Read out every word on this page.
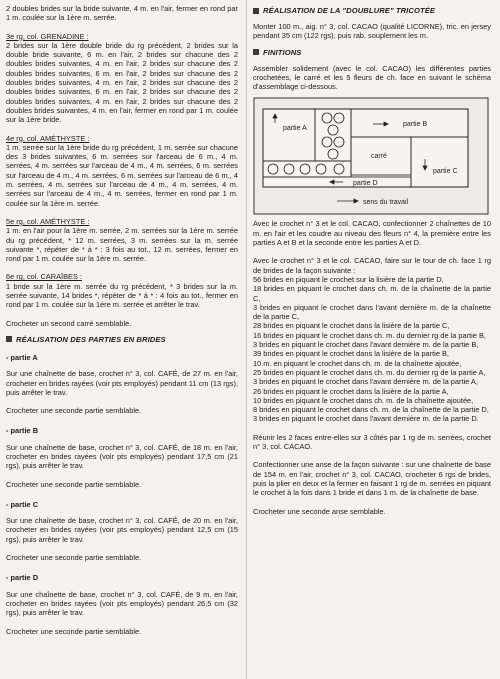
2 doubles brides sur la bride suivante, 4 m. en l'air, fermer en rond par 1 m. coulée sur la 1ère m. serrée.

3e rg, col. GRENADINE :

2 brides sur la 1ère double bride du rg précédent, 2 brides sur la double bride suivante, 6 m. en l'air, 2 brides sur chacune des 2 doubles brides suivantes, 4 m. en l'air, 2 brides sur chacune des 2 doubles brides suivantes, 6 m. en l'air, 2 brides sur chacune des 2 doubles brides suivantes, 4 m. en l'air, 2 brides sur chacune des 2 doubles brides suivantes, 6 m. en l'air, 2 brides sur chacune des 2 doubles brides suivantes, 4 m. en l'air, 2 brides sur chacune des 2 doubles brides suivantes, 4 m. en l'air, fermer en rond par 1 m. coulée sur la 1ère bride.

4e rg, col. AMÉTHYSTE :

1 m. serrée sur la 1ère bride du rg précédent, 1 m. serrée sur chacune des 3 brides suivantes, 6 m. serrées sur l'arceau de 6 m., 4 m. serrées, 4 m. serrées sur l'arceau de 4 m., 4 m. serrées, 6 m. serrées sur l'arceau de 4 m., 4 m. serrées, 6 m. serrées sur l'arceau de 6 m., 4 m. serrées, 4 m. serrées sur l'arceau de 4 m., 4 m. serrées, 4 m. serrées sur l'arceau de 4 m., 4 m. serrées, fermer en rond par 1 m. coulée sur la 1ère m. serrée.

5e rg, col. AMÉTHYSTE :

1 m. en l'air pour la 1ère m. serrée, 2 m. serrées sur la 1ère m. serrée du rg précédent, * 12 m. serrées, 3 m. serrées sur la m. serrée suivante *, répéter de * à * : 3 fois au tot., 12 m. serrées, fermer en rond par 1 m. coulée sur la 1ère m. serrée.

6e rg, col. CARAÏBES :

1 bride sur la 1ère m. serrée du rg précédent, * 3 brides sur la m. serrée suivante, 14 brides *, répéter de * à * : 4 fois au tot., fermer en rond par 1 m. coulée sur la 1ère m. serrée et arrêter le trav.

Crocheter un second carré semblable.

RÉALISATION DES PARTIES EN BRIDES

- partie A

Sur une chaînette de base, crochet n° 3, col. CAFÉ, de 27 m. en l'air, crocheter en brides rayées (voir pts employés) pendant 11 cm (13 rgs), puis arrêter le trav.

Crocheter une seconde partie semblable.

- partie B

Sur une chaînette de base, crochet n° 3, col. CAFÉ, de 18 m. en l'air, crocheter en brides rayées (voir pts employés) pendant 17,5 cm (21 rgs), puis arrêter le trav.

Crocheter une seconde partie semblable.

- partie C

Sur une chaînette de base, crochet n° 3, col. CAFÉ, de 20 m. en l'air, crocheter en brides rayées (voir pts employés) pendant 12,5 cm (15 rgs), puis arrêter le trav.

Crocheter une seconde partie semblable.

- partie D

Sur une chaînette de base, crochet n° 3, col. CAFÉ, de 9 m. en l'air, crocheter en brides rayées (voir pts employés) pendant 26,5 cm (32 rgs), puis arrêter le trav.

Crocheter une seconde partie semblable.

RÉALISATION DE LA "DOUBLURE" TRICOTÉE

Monter 100 m., aig. n° 3, col. CACAO (qualité LICORNE), tric. en jersey pendant 35 cm (122 rgs), puis rab. souplement les m.

FINITIONS

Assembler solidement (avec le col. CACAO) les différentes parties crochetées, le carré et les 5 fleurs de ch. face en suivant le schéma d'assemblage ci-dessous.

partie A
partie B
carré
partie C
partie D
sens du travail

Avec le crochet n° 3 et le col. CACAO, confectionner 2 chaînettes de 10 m. en l'air et les coudre au niveau des fleurs n° 4, la première entre les parties A et B et la seconde entre les parties A et D.

Avec le crochet n° 3 et le col. CACAO, faire sur le tour de ch. face 1 rg de brides de la façon suivante :

56 brides en piquant le crochet sur la lisière de la partie D,

18 brides en piquant le crochet dans ch. m. de la chaînette de la partie C,

3 brides en piquant le crochet dans l'avant dernière m. de la chaînette de la partie C,

28 brides en piquant le crochet dans la lisière de la partie C,

16 brides en piquant le crochet dans ch. m. du dernier rg de la partie B,

3 brides en piquant le crochet dans l'avant dernière m. de la partie B,

39 brides en piquant le crochet dans la lisière de la partie B,

10 m. en piquant le crochet dans ch. m. de la chaînette ajoutée,

25 brides en piquant le crochet dans ch. m. du dernier rg de la partie A,

3 brides en piquant le crochet dans l'avant dernière m. de la partie A,

26 brides en piquant le crochet dans la lisière de la partie A,

10 brides en piquant le crochet dans ch. m. de la chaînette ajoutée,

8 brides en piquant le crochet dans ch. m. de la chaînette de la partie D,

3 brides en piquant le crochet dans l'avant dernière m. de la partie D.

Réunir les 2 faces entre-elles sur 3 côtés par 1 rg de m. serrées, crochet n° 3, col. CACAO.

Confectionner une anse de la façon suivante : sur une chaînette de base de 154 m. en l'air, crochet n° 3, col. CACAO, crocheter 6 rgs de brides, puis la plier en deux et la fermer en faisant 1 rg de m. serrées en piquant le crochet à la fois dans 1 bride et dans 1 m. de la chaînette de base.

Crocheter une seconde anse semblable.
